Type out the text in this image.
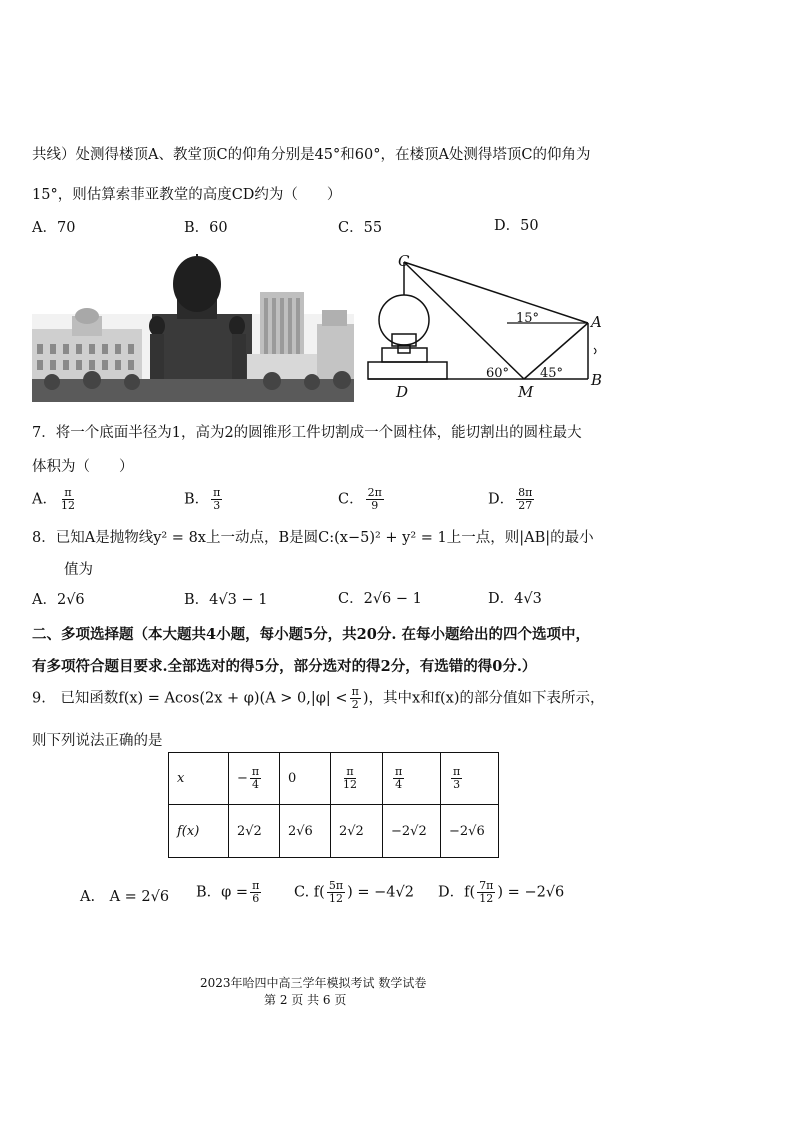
共线）处测得楼顶A、教堂顶C的仰角分别是45°和60°，在楼顶A处测得塔顶C的仰角为
15°，则估算索菲亚教堂的高度CD约为（　　）
A．70	B．60	C．55	D．50
C
A
B
D	M
15°
60° 45°
7．将一个底面半径为1，高为2的圆锥形工件切割成一个圆柱体，能切割出的圆柱最大
体积为（　　）
A． $\frac{\pi}{12}$	B． $\frac{\pi}{3}$	C． $\frac{2\pi}{9}$	D． $\frac{8\pi}{27}$
8．已知A是抛物线y² = 8x上一动点，B是圆C:(x−5)² + y² = 1上一点，则|AB|的最小
值为
A．2√6	B．4√3 − 1	C．2√6 − 1	D．4√3
二、多项选择题（本大题共4小题，每小题5分，共20分. 在每小题给出的四个选项中，
有多项符合题目要求.全部选对的得5分，部分选对的得2分，有选错的得0分.）
9.　已知函数$f(x) = Acos(2x + \varphi)(A > 0,|\varphi| < \frac{\pi}{2}$ )，其中x和f(x)的部分值如下表所示，
则下列说法正确的是
x	− $\frac{\pi}{4}$	0	$\frac{\pi}{12}$	$\frac{\pi}{4}$	$\frac{\pi}{3}$

f(x)	2√2	2√6	2√2	−2√2	−2√6
A.　A = 2√6 B．$\varphi = \frac{\pi}{6} C$. $f( \frac{5\pi}{12}$ ) = −4√2 D．$f( \frac{7\pi}{12}$ ) = −2√6
2023年哈四中高三学年模拟考试 数学试卷
第 2 页 共 6 页
